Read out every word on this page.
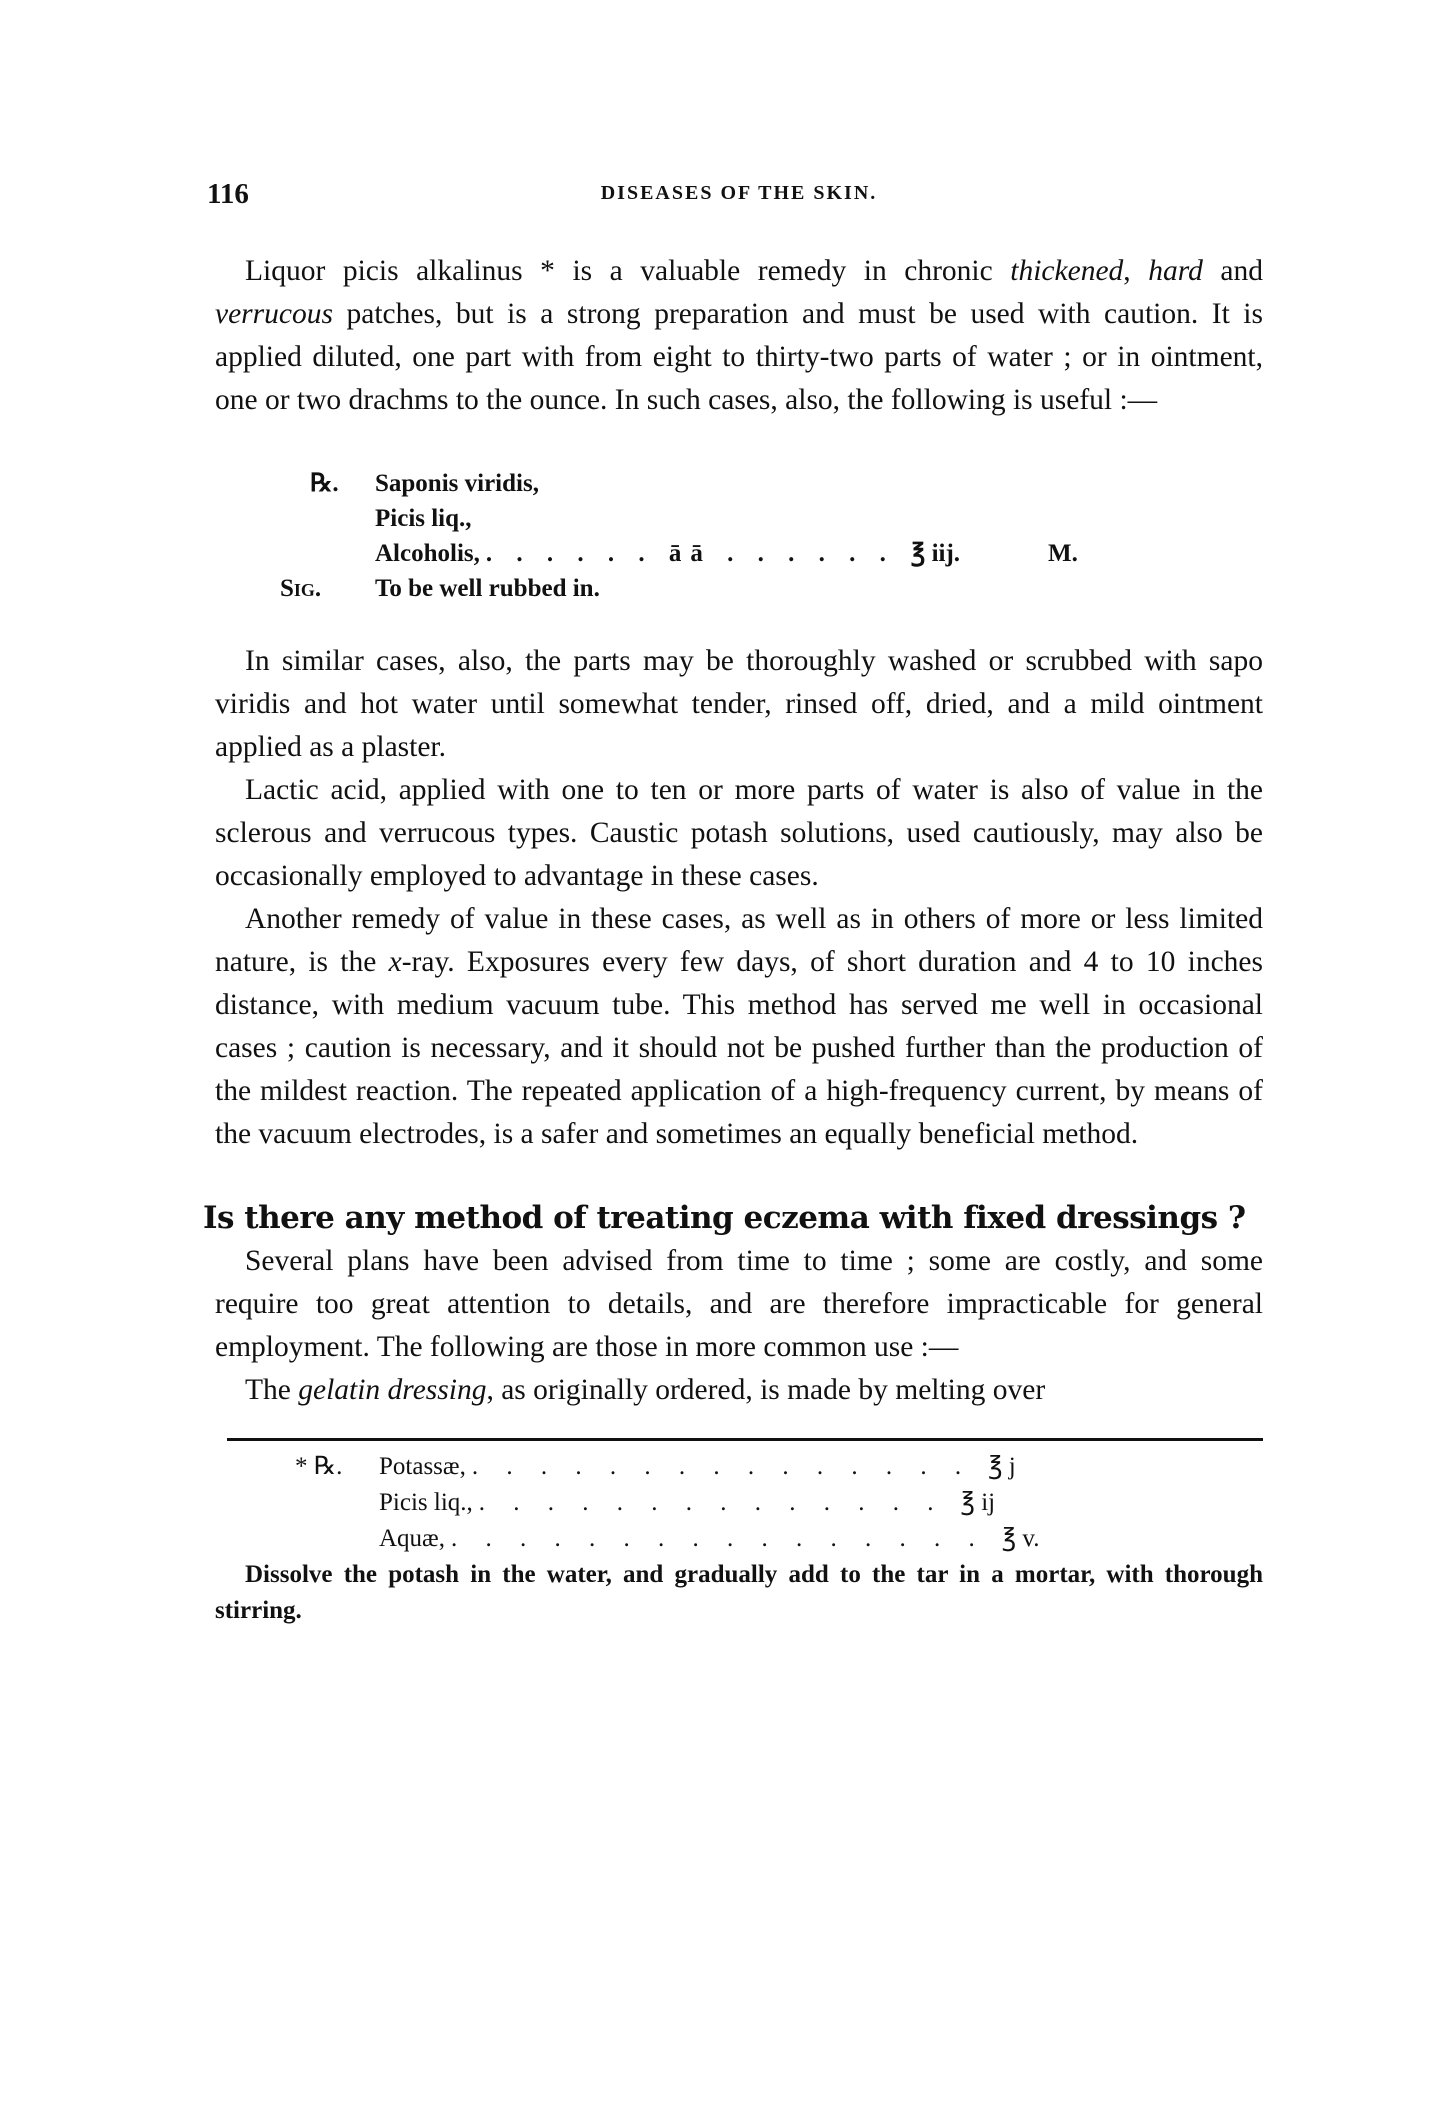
116	DISEASES OF THE SKIN.

Liquor picis alkalinus * is a valuable remedy in chronic thickened, hard and verrucous patches, but is a strong preparation and must be used with caution. It is applied diluted, one part with from eight to thirty-two parts of water ; or in ointment, one or two drachms to the ounce. In such cases, also, the following is useful :—

℞.	Saponis viridis,
Picis liq.,
Alcoholis, . . . . . . āā . . . . . . ℥ iij.	M.
Sig.	To be well rubbed in.

In similar cases, also, the parts may be thoroughly washed or scrubbed with sapo viridis and hot water until somewhat tender, rinsed off, dried, and a mild ointment applied as a plaster.

Lactic acid, applied with one to ten or more parts of water is also of value in the sclerous and verrucous types. Caustic potash solutions, used cautiously, may also be occasionally employed to advantage in these cases.

Another remedy of value in these cases, as well as in others of more or less limited nature, is the x-ray. Exposures every few days, of short duration and 4 to 10 inches distance, with medium vacuum tube. This method has served me well in occasional cases ; caution is necessary, and it should not be pushed further than the production of the mildest reaction. The repeated application of a high-frequency current, by means of the vacuum electrodes, is a safer and sometimes an equally beneficial method.

Is there any method of treating eczema with fixed dressings ?

Several plans have been advised from time to time ; some are costly, and some require too great attention to details, and are therefore impracticable for general employment. The following are those in more common use :—

The gelatin dressing, as originally ordered, is made by melting over

* ℞.	Potassæ, . . . . . . . . . . . . . . . ℥ j
Picis liq., . . . . . . . . . . . . . . ℥ ij
Aquæ, . . . . . . . . . . . . . . . . ℥ v.

Dissolve the potash in the water, and gradually add to the tar in a mortar, with thorough stirring.
